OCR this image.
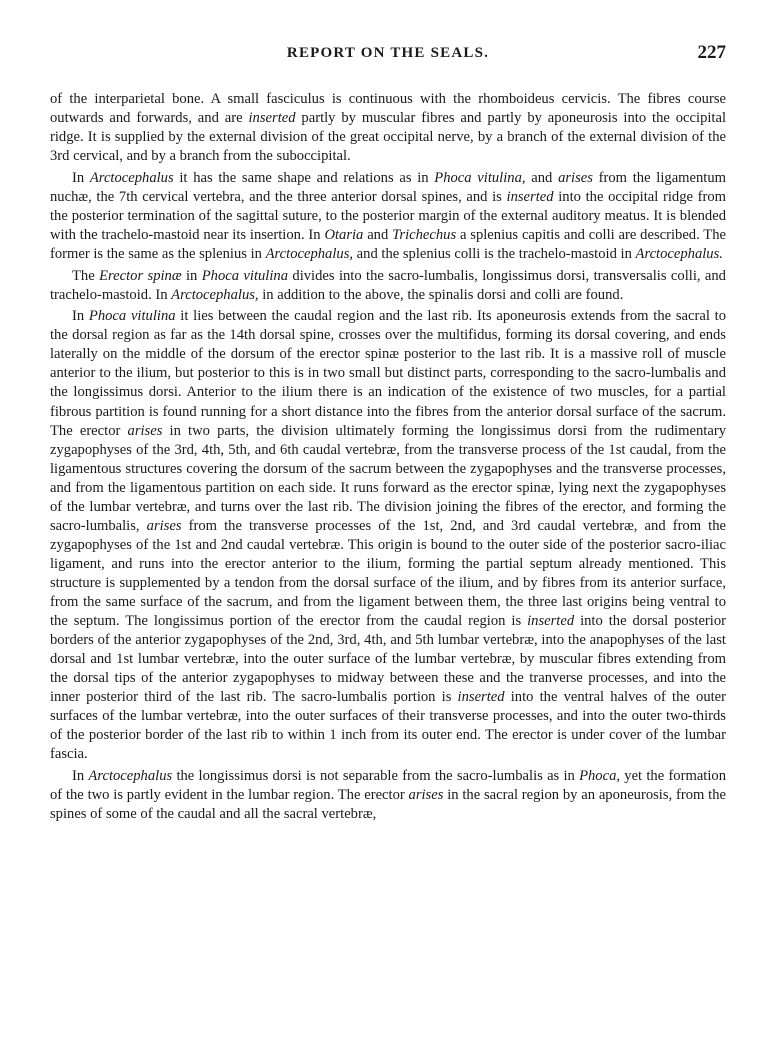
REPORT ON THE SEALS.	227

of the interparietal bone. A small fasciculus is continuous with the rhomboideus cervicis. The fibres course outwards and forwards, and are inserted partly by muscular fibres and partly by aponeurosis into the occipital ridge. It is supplied by the external division of the great occipital nerve, by a branch of the external division of the 3rd cervical, and by a branch from the suboccipital.

In Arctocephalus it has the same shape and relations as in Phoca vitulina, and arises from the ligamentum nuchæ, the 7th cervical vertebra, and the three anterior dorsal spines, and is inserted into the occipital ridge from the posterior termination of the sagittal suture, to the posterior margin of the external auditory meatus. It is blended with the trachelo-mastoid near its insertion. In Otaria and Trichechus a splenius capitis and colli are described. The former is the same as the splenius in Arctocephalus, and the splenius colli is the trachelo-mastoid in Arctocephalus.

The Erector spinæ in Phoca vitulina divides into the sacro-lumbalis, longissimus dorsi, transversalis colli, and trachelo-mastoid. In Arctocephalus, in addition to the above, the spinalis dorsi and colli are found.

In Phoca vitulina it lies between the caudal region and the last rib. Its aponeurosis extends from the sacral to the dorsal region as far as the 14th dorsal spine, crosses over the multifidus, forming its dorsal covering, and ends laterally on the middle of the dorsum of the erector spinæ posterior to the last rib. It is a massive roll of muscle anterior to the ilium, but posterior to this is in two small but distinct parts, corresponding to the sacro-lumbalis and the longissimus dorsi. Anterior to the ilium there is an indication of the existence of two muscles, for a partial fibrous partition is found running for a short distance into the fibres from the anterior dorsal surface of the sacrum. The erector arises in two parts, the division ultimately forming the longissimus dorsi from the rudimentary zygapophyses of the 3rd, 4th, 5th, and 6th caudal vertebræ, from the transverse process of the 1st caudal, from the ligamentous structures covering the dorsum of the sacrum between the zygapophyses and the transverse processes, and from the ligamentous partition on each side. It runs forward as the erector spinæ, lying next the zygapophyses of the lumbar vertebræ, and turns over the last rib. The division joining the fibres of the erector, and forming the sacro-lumbalis, arises from the transverse processes of the 1st, 2nd, and 3rd caudal vertebræ, and from the zygapophyses of the 1st and 2nd caudal vertebræ. This origin is bound to the outer side of the posterior sacro-iliac ligament, and runs into the erector anterior to the ilium, forming the partial septum already mentioned. This structure is supplemented by a tendon from the dorsal surface of the ilium, and by fibres from its anterior surface, from the same surface of the sacrum, and from the ligament between them, the three last origins being ventral to the septum. The longissimus portion of the erector from the caudal region is inserted into the dorsal posterior borders of the anterior zygapophyses of the 2nd, 3rd, 4th, and 5th lumbar vertebræ, into the anapophyses of the last dorsal and 1st lumbar vertebræ, into the outer surface of the lumbar vertebræ, by muscular fibres extending from the dorsal tips of the anterior zygapophyses to midway between these and the tranverse processes, and into the inner posterior third of the last rib. The sacro-lumbalis portion is inserted into the ventral halves of the outer surfaces of the lumbar vertebræ, into the outer surfaces of their transverse processes, and into the outer two-thirds of the posterior border of the last rib to within 1 inch from its outer end. The erector is under cover of the lumbar fascia.

In Arctocephalus the longissimus dorsi is not separable from the sacro-lumbalis as in Phoca, yet the formation of the two is partly evident in the lumbar region. The erector arises in the sacral region by an aponeurosis, from the spines of some of the caudal and all the sacral vertebræ,
